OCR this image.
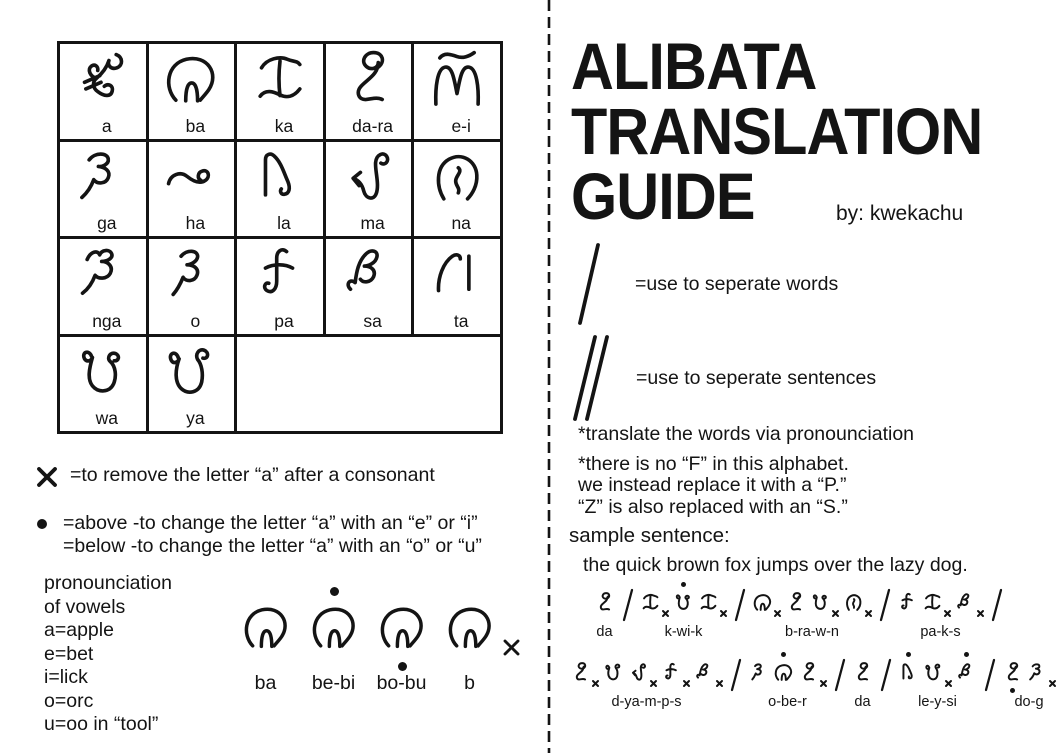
a	ba	ka	da-ra	e-i
ga	ha	la	ma	na
nga	o	pa	sa	ta
wa	ya
=to remove the letter “a” after a consonant
=above -to change the letter “a” with an “e” or “i”
=below -to change the letter “a” with an “o” or “u”
pronounciation
of vowels
a=apple
e=bet
i=lick
o=orc
u=oo in “tool”
ba be-bi bo-bu b
ALIBATA
TRANSLATION
GUIDE	by: kwekachu
=use to seperate words
=use to seperate sentences
*translate the words via pronounciation
*there is no “F” in this alphabet.
we instead replace it with a “P.”
“Z” is also replaced with an “S.”
sample sentence:
the quick brown fox jumps over the lazy dog.
da	k-wi-k	b-ra-w-n	pa-k-s
d-ya-m-p-s	o-be-r	da	le-y-si	do-g
